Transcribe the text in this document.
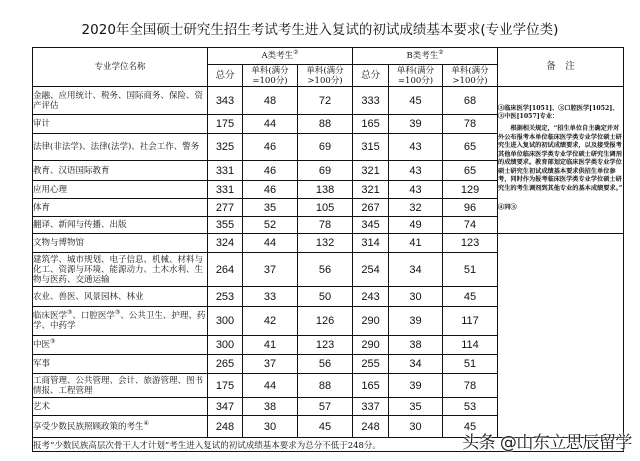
2020年全国硕士研究生招生考试考生进入复试的初试成绩基本要求(专业学位类)
专业学位名称	A类考生②			B类考生②			备　注
	总分	单科(满分=100分)	单科(满分>100分)	总分	单科(满分=100分)	单科(满分>100分)	
金融、应用统计、税务、国际商务、保险、资产评估	343	48	72	333	45	68	③临床医学[1051]、③口腔医学[1052]、③中医[1057]专业：
根据相关规定，“招生单位自主确定并对外公布报考本单位临床医学类专业学位硕士研究生进入复试的初试成绩要求，以及接受报考其他单位临床医学类专业学位硕士研究生调剂的成绩要求。教育部划定临床医学类专业学位硕士研究生初试成绩基本要求供招生单位参考，同时作为报考临床医学类专业学位硕士研究生的考生调剂到其他专业的基本成绩要求。”
④同③

审计	175	44	88	165	39	78	
法律(非法学)、法律(法学)、社会工作、警务	325	46	69	315	43	65	
教育、汉语国际教育	331	46	69	321	43	65	
应用心理	331	46	138	321	43	129	
体育	277	35	105	267	32	96	
翻译、新闻与传播、出版	355	52	78	345	49	74	
文物与博物馆	324	44	132	314	41	123	
建筑学、城市规划、电子信息、机械、材料与化工、资源与环境、能源动力、土木水利、生物与医药、交通运输	264	37	56	254	34	51	
农业、兽医、风景园林、林业	253	33	50	243	30	45	
临床医学③、口腔医学③、公共卫生、护理、药学、中药学	300	42	126	290	39	117	
中医③	300	41	123	290	38	114	
军事	265	37	56	255	34	51	
工商管理、公共管理、会计、旅游管理、图书情报、工程管理	175	44	88	165	39	78	
艺术	347	38	57	337	35	53	
享受少数民族照顾政策的考生④	248	30	45	248	30	45	
报考“少数民族高层次骨干人才计划”考生进入复试的初试成绩基本要求为总分不低于248分。								头条 @山东立思辰留学
